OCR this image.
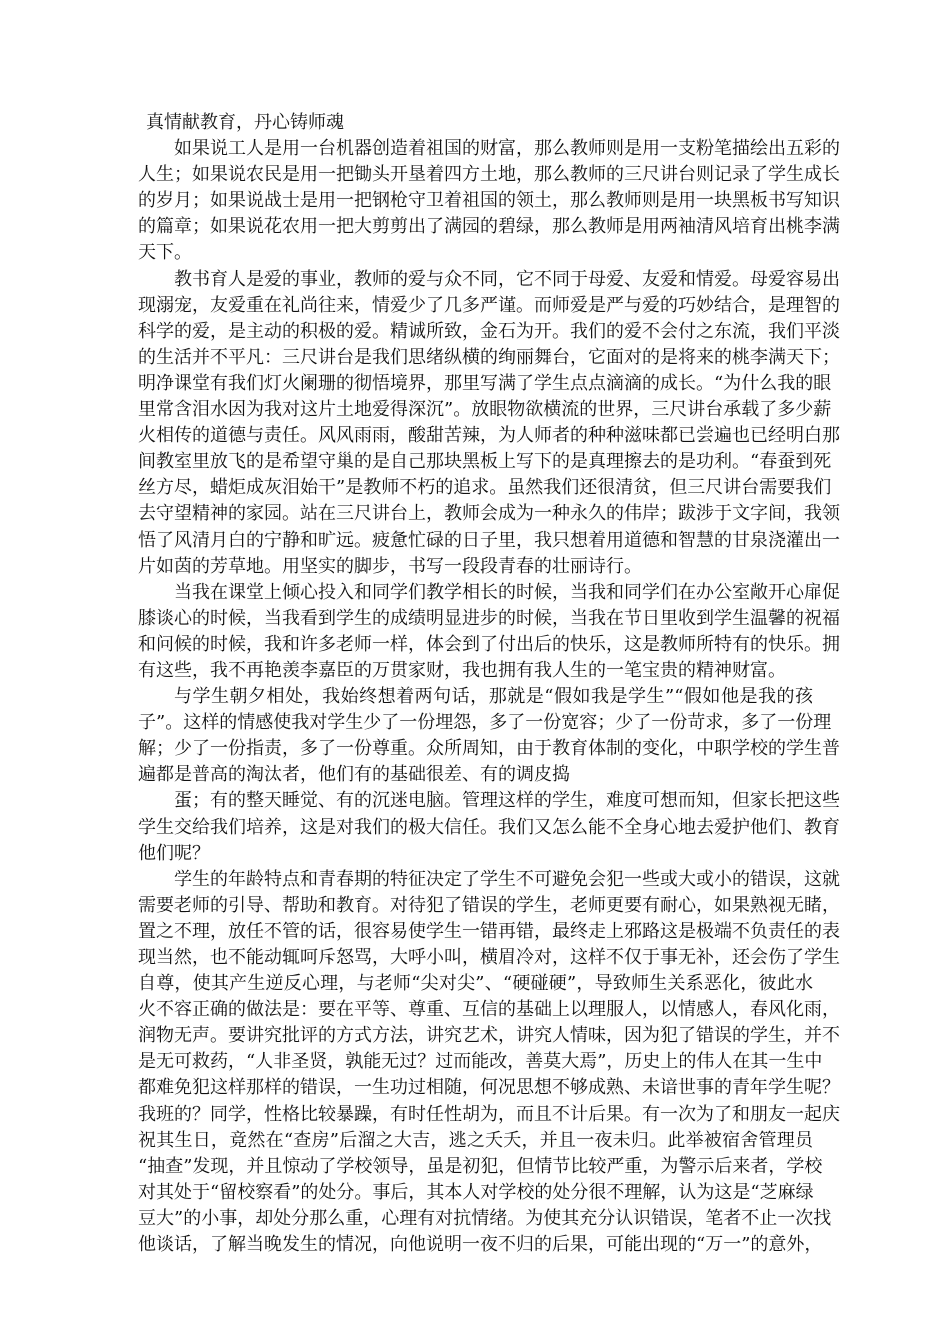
真情献教育，丹心铸师魂
如果说工人是用一台机器创造着祖国的财富，那么教师则是用一支粉笔描绘出五彩的
人生；如果说农民是用一把锄头开垦着四方土地，那么教师的三尺讲台则记录了学生成长
的岁月；如果说战士是用一把钢枪守卫着祖国的领土，那么教师则是用一块黑板书写知识
的篇章；如果说花农用一把大剪剪出了满园的碧绿，那么教师是用两袖清风培育出桃李满
天下。
教书育人是爱的事业，教师的爱与众不同，它不同于母爱、友爱和情爱。母爱容易出
现溺宠，友爱重在礼尚往来，情爱少了几多严谨。而师爱是严与爱的巧妙结合，是理智的
科学的爱，是主动的积极的爱。精诚所致，金石为开。我们的爱不会付之东流，我们平淡
的生活并不平凡：三尺讲台是我们思绪纵横的绚丽舞台，它面对的是将来的桃李满天下；
明净课堂有我们灯火阑珊的彻悟境界，那里写满了学生点点滴滴的成长。“为什么我的眼
里常含泪水因为我对这片土地爱得深沉”。放眼物欲横流的世界，三尺讲台承载了多少薪
火相传的道德与责任。风风雨雨，酸甜苦辣，为人师者的种种滋味都已尝遍也已经明白那
间教室里放飞的是希望守巢的是自己那块黑板上写下的是真理擦去的是功利。“春蚕到死
丝方尽，蜡炬成灰泪始干”是教师不朽的追求。虽然我们还很清贫，但三尺讲台需要我们
去守望精神的家园。站在三尺讲台上，教师会成为一种永久的伟岸；跋涉于文字间，我领
悟了风清月白的宁静和旷远。疲惫忙碌的日子里，我只想着用道德和智慧的甘泉浇灌出一
片如茵的芳草地。用坚实的脚步，书写一段段青春的壮丽诗行。
当我在课堂上倾心投入和同学们教学相长的时候，当我和同学们在办公室敞开心扉促
膝谈心的时候，当我看到学生的成绩明显进步的时候，当我在节日里收到学生温馨的祝福
和问候的时候，我和许多老师一样，体会到了付出后的快乐，这是教师所特有的快乐。拥
有这些，我不再艳羡李嘉臣的万贯家财，我也拥有我人生的一笔宝贵的精神财富。
与学生朝夕相处，我始终想着两句话，那就是“假如我是学生”“假如他是我的孩
子”。这样的情感使我对学生少了一份埋怨，多了一份宽容；少了一份苛求，多了一份理
解；少了一份指责，多了一份尊重。众所周知，由于教育体制的变化，中职学校的学生普
遍都是普高的淘汰者，他们有的基础很差、有的调皮捣
蛋；有的整天睡觉、有的沉迷电脑。管理这样的学生，难度可想而知，但家长把这些
学生交给我们培养，这是对我们的极大信任。我们又怎么能不全身心地去爱护他们、教育
他们呢？
学生的年龄特点和青春期的特征决定了学生不可避免会犯一些或大或小的错误，这就
需要老师的引导、帮助和教育。对待犯了错误的学生，老师更要有耐心，如果熟视无睹，
置之不理，放任不管的话，很容易使学生一错再错，最终走上邪路这是极端不负责任的表
现当然，也不能动辄呵斥怒骂，大呼小叫，横眉冷对，这样不仅于事无补，还会伤了学生
自尊，使其产生逆反心理，与老师“尖对尖”、“硬碰硬”，导致师生关系恶化，彼此水
火不容正确的做法是：要在平等、尊重、互信的基础上以理服人，以情感人，春风化雨，
润物无声。要讲究批评的方式方法，讲究艺术，讲究人情味，因为犯了错误的学生，并不
是无可救药，“人非圣贤，孰能无过？过而能改，善莫大焉”，历史上的伟人在其一生中
都难免犯这样那样的错误，一生功过相随，何况思想不够成熟、未谙世事的青年学生呢？
我班的？同学，性格比较暴躁，有时任性胡为，而且不计后果。有一次为了和朋友一起庆
祝其生日，竟然在“查房”后溜之大吉，逃之夭夭，并且一夜未归。此举被宿舍管理员
“抽查”发现，并且惊动了学校领导，虽是初犯，但情节比较严重，为警示后来者，学校
对其处于“留校察看”的处分。事后，其本人对学校的处分很不理解，认为这是“芝麻绿
豆大”的小事，却处分那么重，心理有对抗情绪。为使其充分认识错误，笔者不止一次找
他谈话，了解当晚发生的情况，向他说明一夜不归的后果，可能出现的“万一”的意外，
